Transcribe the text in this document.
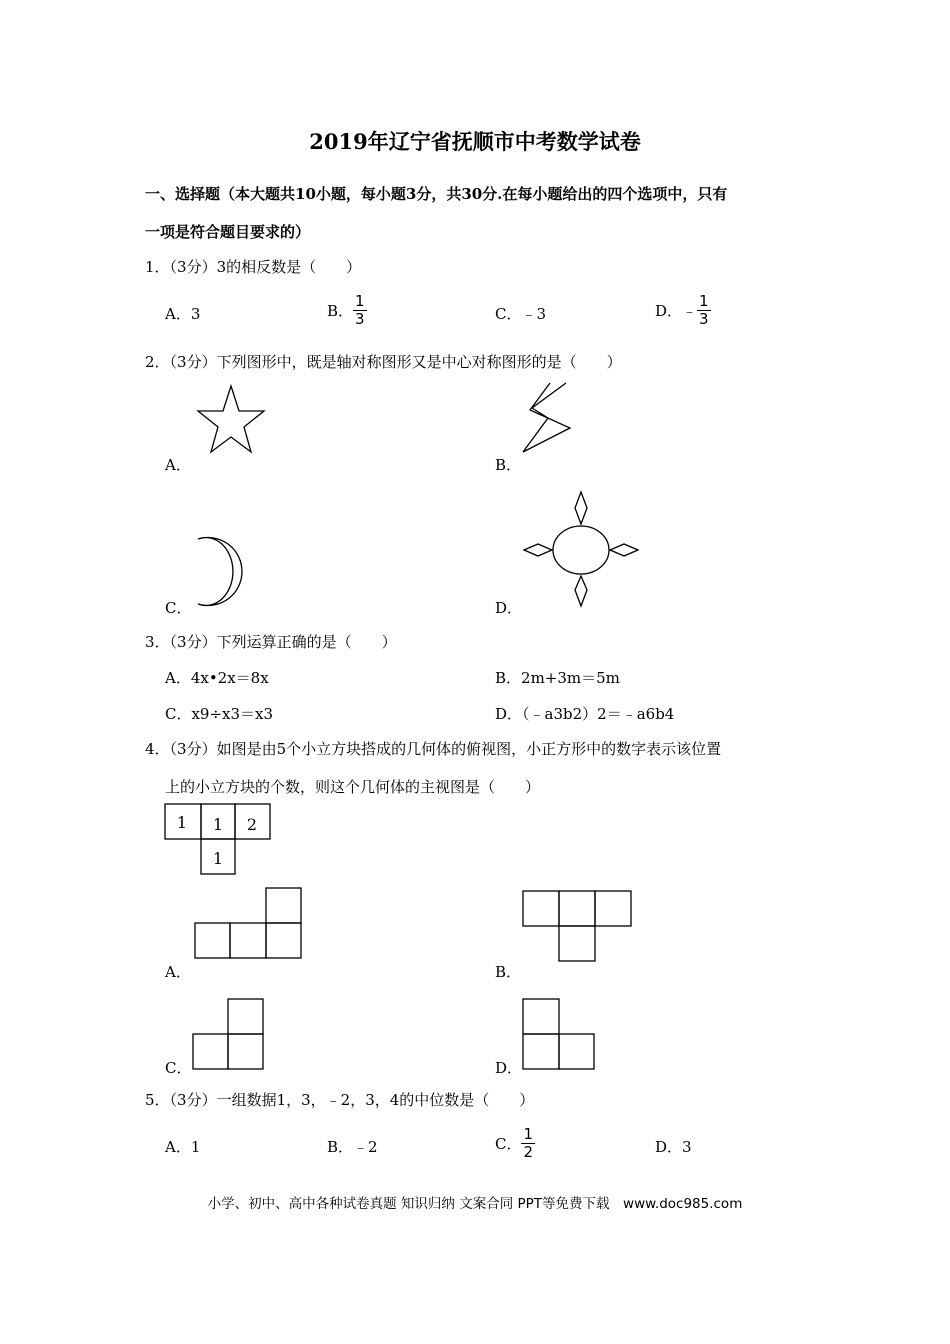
2019年辽宁省抚顺市中考数学试卷
一、选择题（本大题共10小题，每小题3分，共30分.在每小题给出的四个选项中，只有
一项是符合题目要求的）
1．（3分）3的相反数是（　　）
A．3	B． $\frac{1}{3}$	C．﹣3	D．﹣ $\frac{1}{3}$
2．（3分）下列图形中，既是轴对称图形又是中心对称图形的是（　　）
A．	B．
C．	D．
3．（3分）下列运算正确的是（　　）
A．4x•2x＝8x	B．2m+3m＝5m
C．x9÷x3＝x3	D．（﹣a3b2）2＝﹣a6b4
4．（3分）如图是由5个小立方块搭成的几何体的俯视图，小正方形中的数字表示该位置
上的小立方块的个数，则这个几何体的主视图是（　　）
1 1 2
1
A．	B．
C．	D．
5．（3分）一组数据1，3，﹣2，3，4的中位数是（　　）
A．1	B．﹣2	C． $\frac{1}{2}$	D．3
小学、初中、高中各种试卷真题 知识归纳 文案合同 PPT等免费下载　www.doc985.com
